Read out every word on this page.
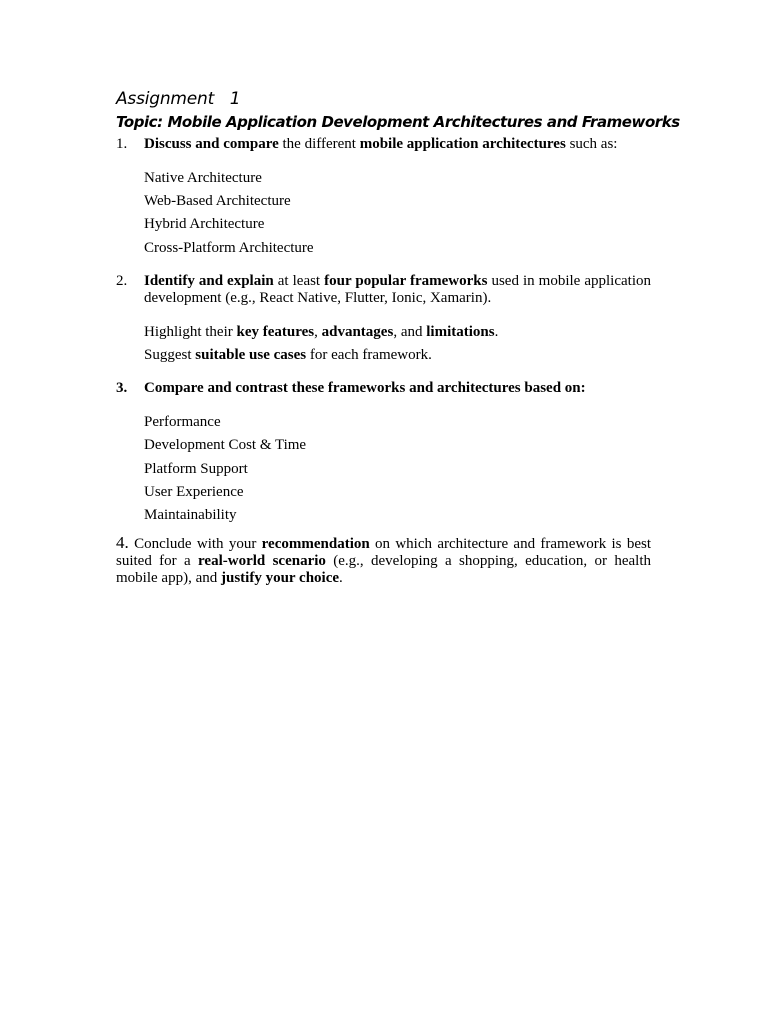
Assignment 1
Topic: Mobile Application Development Architectures and Frameworks
1.	Discuss and compare the different mobile application architectures such as:
Native Architecture
Web-Based Architecture
Hybrid Architecture
Cross-Platform Architecture
2.	Identify and explain at least four popular frameworks used in mobile application development (e.g., React Native, Flutter, Ionic, Xamarin).
Highlight their key features, advantages, and limitations.
Suggest suitable use cases for each framework.
3.	Compare and contrast these frameworks and architectures based on:
Performance
Development Cost & Time
Platform Support
User Experience
Maintainability
4. Conclude with your recommendation on which architecture and framework is best suited for a real-world scenario (e.g., developing a shopping, education, or health mobile app), and justify your choice.
